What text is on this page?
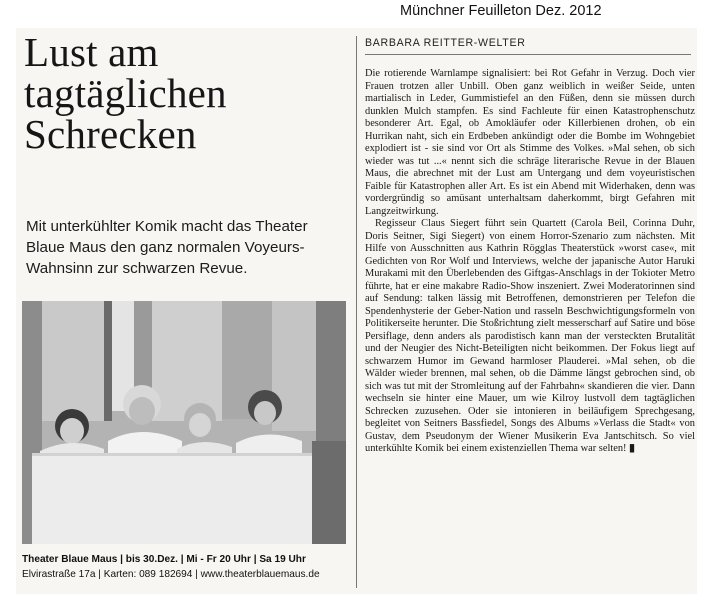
Münchner Feuilleton Dez. 2012
Lust am tagtäglichen Schrecken

Mit unterkühlter Komik macht das Theater Blaue Maus den ganz normalen Voyeurs-Wahnsinn zur schwarzen Revue.

Theater Blaue Maus | bis 30.Dez. | Mi - Fr 20 Uhr | Sa 19 Uhr
Elvirastraße 17a | Karten: 089 182694 | www.theaterblauemaus.de
BARBARA REITTER-WELTER

Die rotierende Warnlampe signalisiert: bei Rot Gefahr in Verzug. Doch vier Frauen trotzen aller Unbill. Oben ganz weiblich in weißer Seide, unten martialisch in Leder, Gummistiefel an den Füßen, denn sie müssen durch dunklen Mulch stampfen. Es sind Fachleute für einen Katastrophenschutz besonderer Art. Egal, ob Amokläufer oder Killerbienen drohen, ob ein Hurrikan naht, sich ein Erdbeben ankündigt oder die Bombe im Wohngebiet explodiert ist - sie sind vor Ort als Stimme des Volkes. »Mal sehen, ob sich wieder was tut ...« nennt sich die schräge literarische Revue in der Blauen Maus, die abrechnet mit der Lust am Untergang und dem voyeuristischen Faible für Katastrophen aller Art. Es ist ein Abend mit Widerhaken, denn was vordergründig so amüsant unterhaltsam daherkommt, birgt Gefahren mit Langzeitwirkung.

Regisseur Claus Siegert führt sein Quartett (Carola Beil, Corinna Duhr, Doris Seitner, Sigi Siegert) von einem Horror-Szenario zum nächsten. Mit Hilfe von Ausschnitten aus Kathrin Rögglas Theaterstück »worst case«, mit Gedichten von Ror Wolf und Interviews, welche der japanische Autor Haruki Murakami mit den Überlebenden des Giftgas-Anschlags in der Tokioter Metro führte, hat er eine makabre Radio-Show inszeniert. Zwei Moderatorinnen sind auf Sendung: talken lässig mit Betroffenen, demonstrieren per Telefon die Spendenhysterie der Geber-Nation und rasseln Beschwichtigungsformeln von Politikerseite herunter. Die Stoßrichtung zielt messerscharf auf Satire und böse Persiflage, denn anders als parodistisch kann man der versteckten Brutalität und der Neugier des Nicht-Beteiligten nicht beikommen. Der Fokus liegt auf schwarzem Humor im Gewand harmloser Plauderei. »Mal sehen, ob die Wälder wieder brennen, mal sehen, ob die Dämme längst gebrochen sind, ob sich was tut mit der Stromleitung auf der Fahrbahn« skandieren die vier. Dann wechseln sie hinter eine Mauer, um wie Kilroy lustvoll dem tagtäglichen Schrecken zuzusehen. Oder sie intonieren in beiläufigem Sprechgesang, begleitet von Seitners Bassfiedel, Songs des Albums »Verlass die Stadt« von Gustav, dem Pseudonym der Wiener Musikerin Eva Jantschitsch. So viel unterkühlte Komik bei einem existenziellen Thema war selten! ▮
